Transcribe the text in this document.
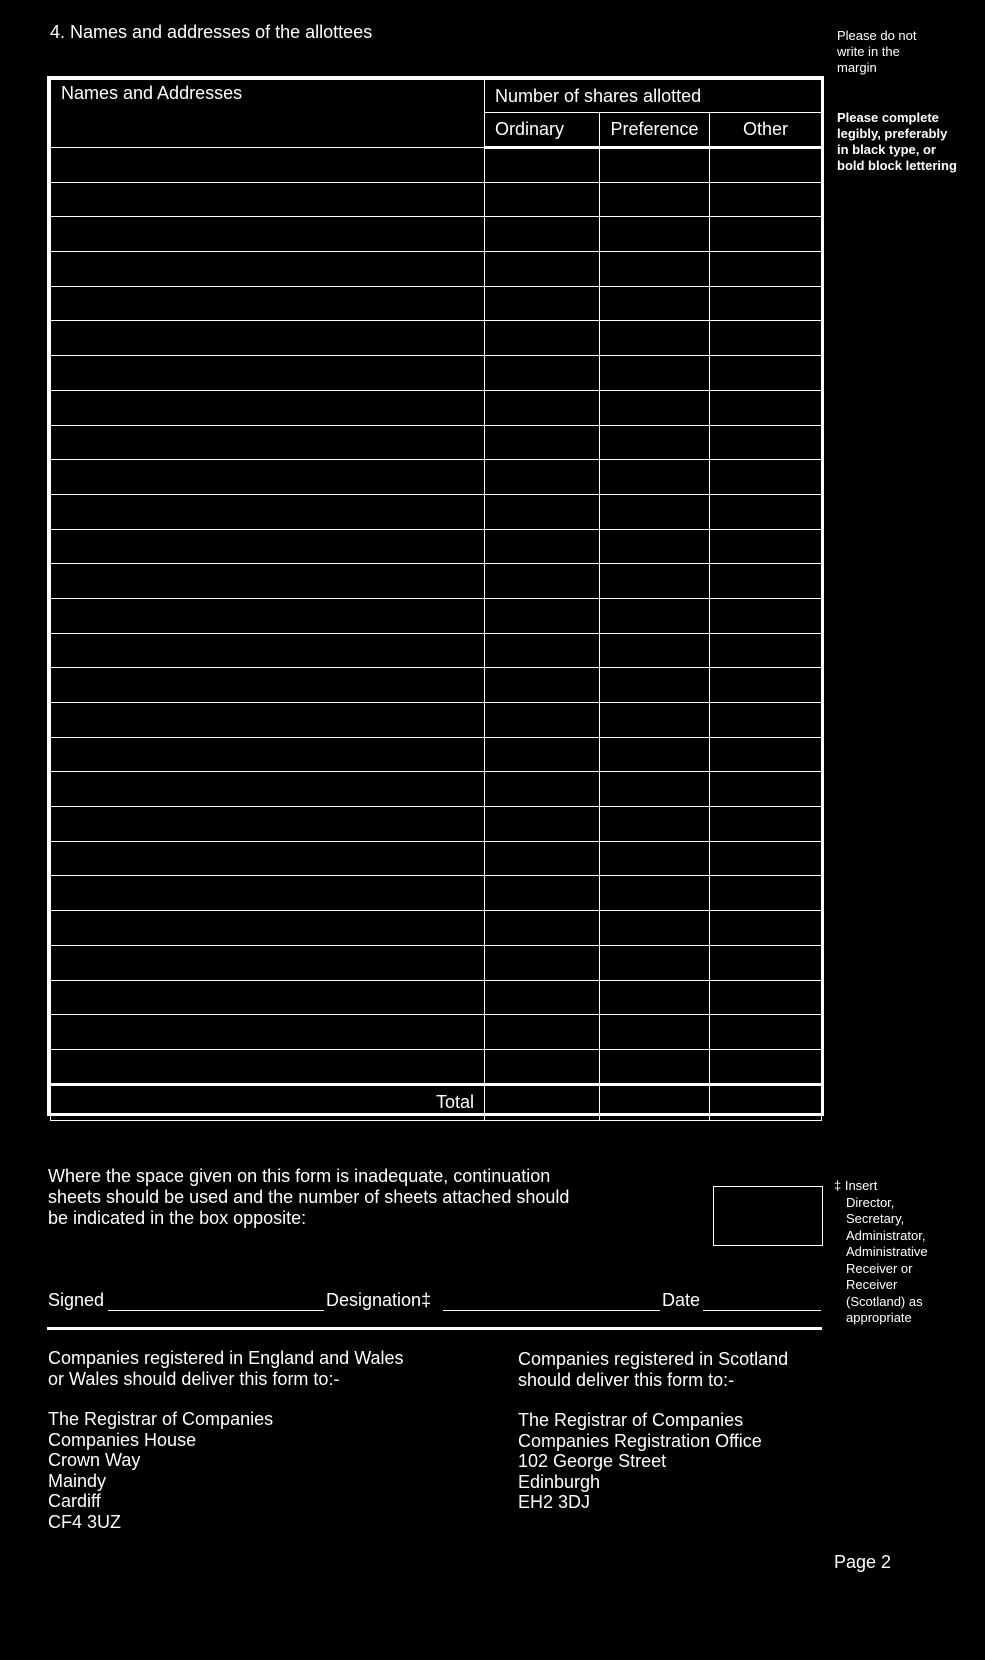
4. Names and addresses of the allottees	Please do not
write in the
margin
Please complete
legibly, preferably
in black type, or
bold block lettering
Names and Addresses	Number of shares allotted		
	Ordinary	Preference	Other

Total			
Where the space given on this form is inadequate, continuation
sheets should be used and the number of sheets attached should
be indicated in the box opposite:
‡ Insert
Director,
Secretary,
Administrator,
Administrative
Receiver or
Receiver
(Scotland) as
appropriate
Signed	Designation‡	Date
Companies registered in England and Wales
or Wales should deliver this form to:-
The Registrar of Companies
Companies House
Crown Way
Maindy
Cardiff
CF4 3UZ
Companies registered in Scotland
should deliver this form to:-
The Registrar of Companies
Companies Registration Office
102 George Street
Edinburgh
EH2 3DJ
Page 2
